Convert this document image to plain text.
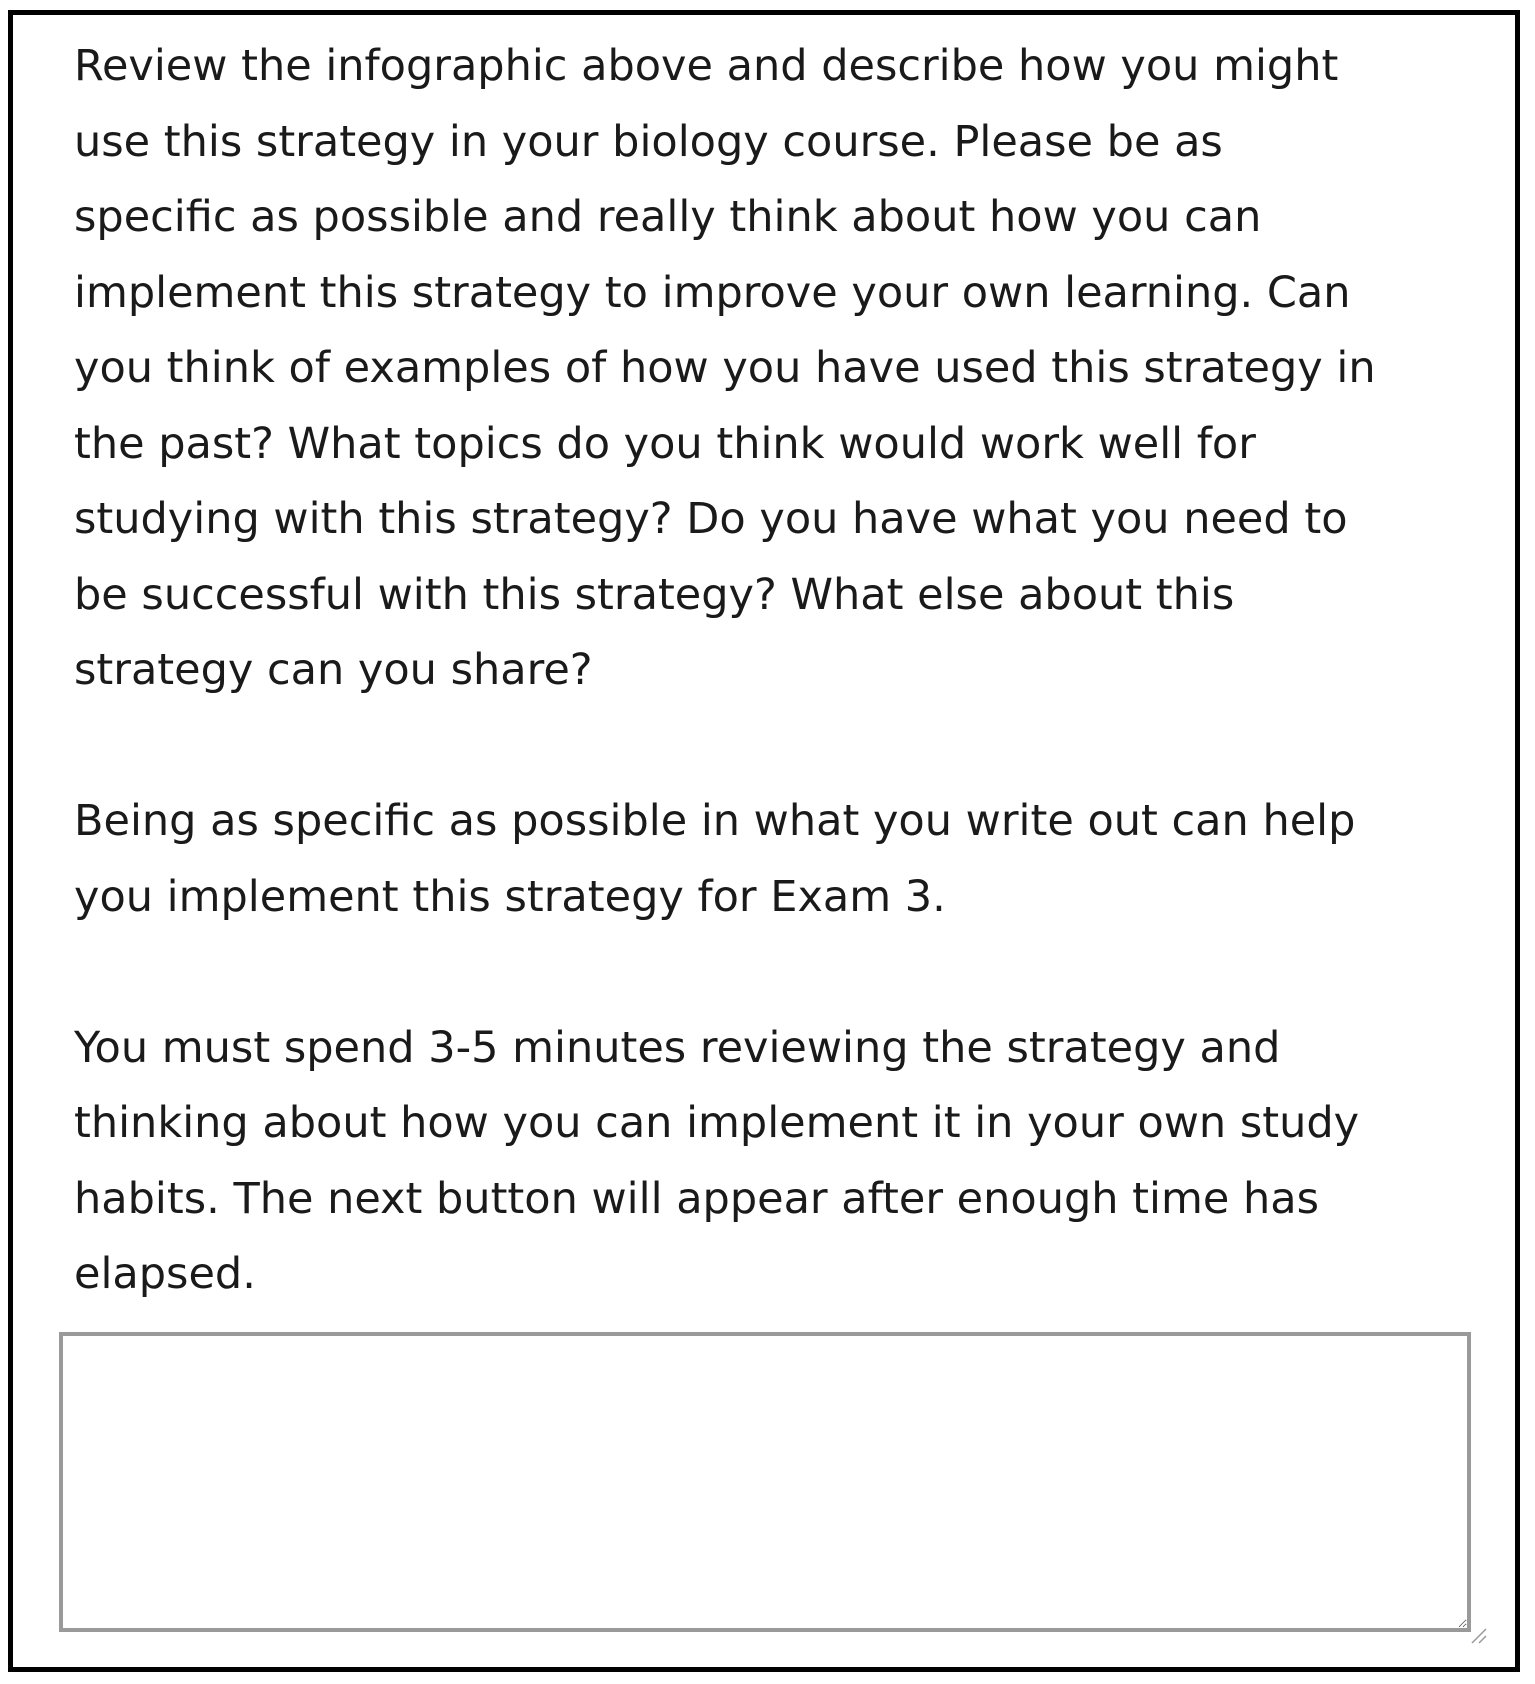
Review the infographic above and describe how you might
use this strategy in your biology course. Please be as
specific as possible and really think about how you can
implement this strategy to improve your own learning. Can
you think of examples of how you have used this strategy in
the past? What topics do you think would work well for
studying with this strategy? Do you have what you need to
be successful with this strategy? What else about this
strategy can you share?

Being as specific as possible in what you write out can help
you implement this strategy for Exam 3.

You must spend 3-5 minutes reviewing the strategy and
thinking about how you can implement it in your own study
habits. The next button will appear after enough time has
elapsed.
